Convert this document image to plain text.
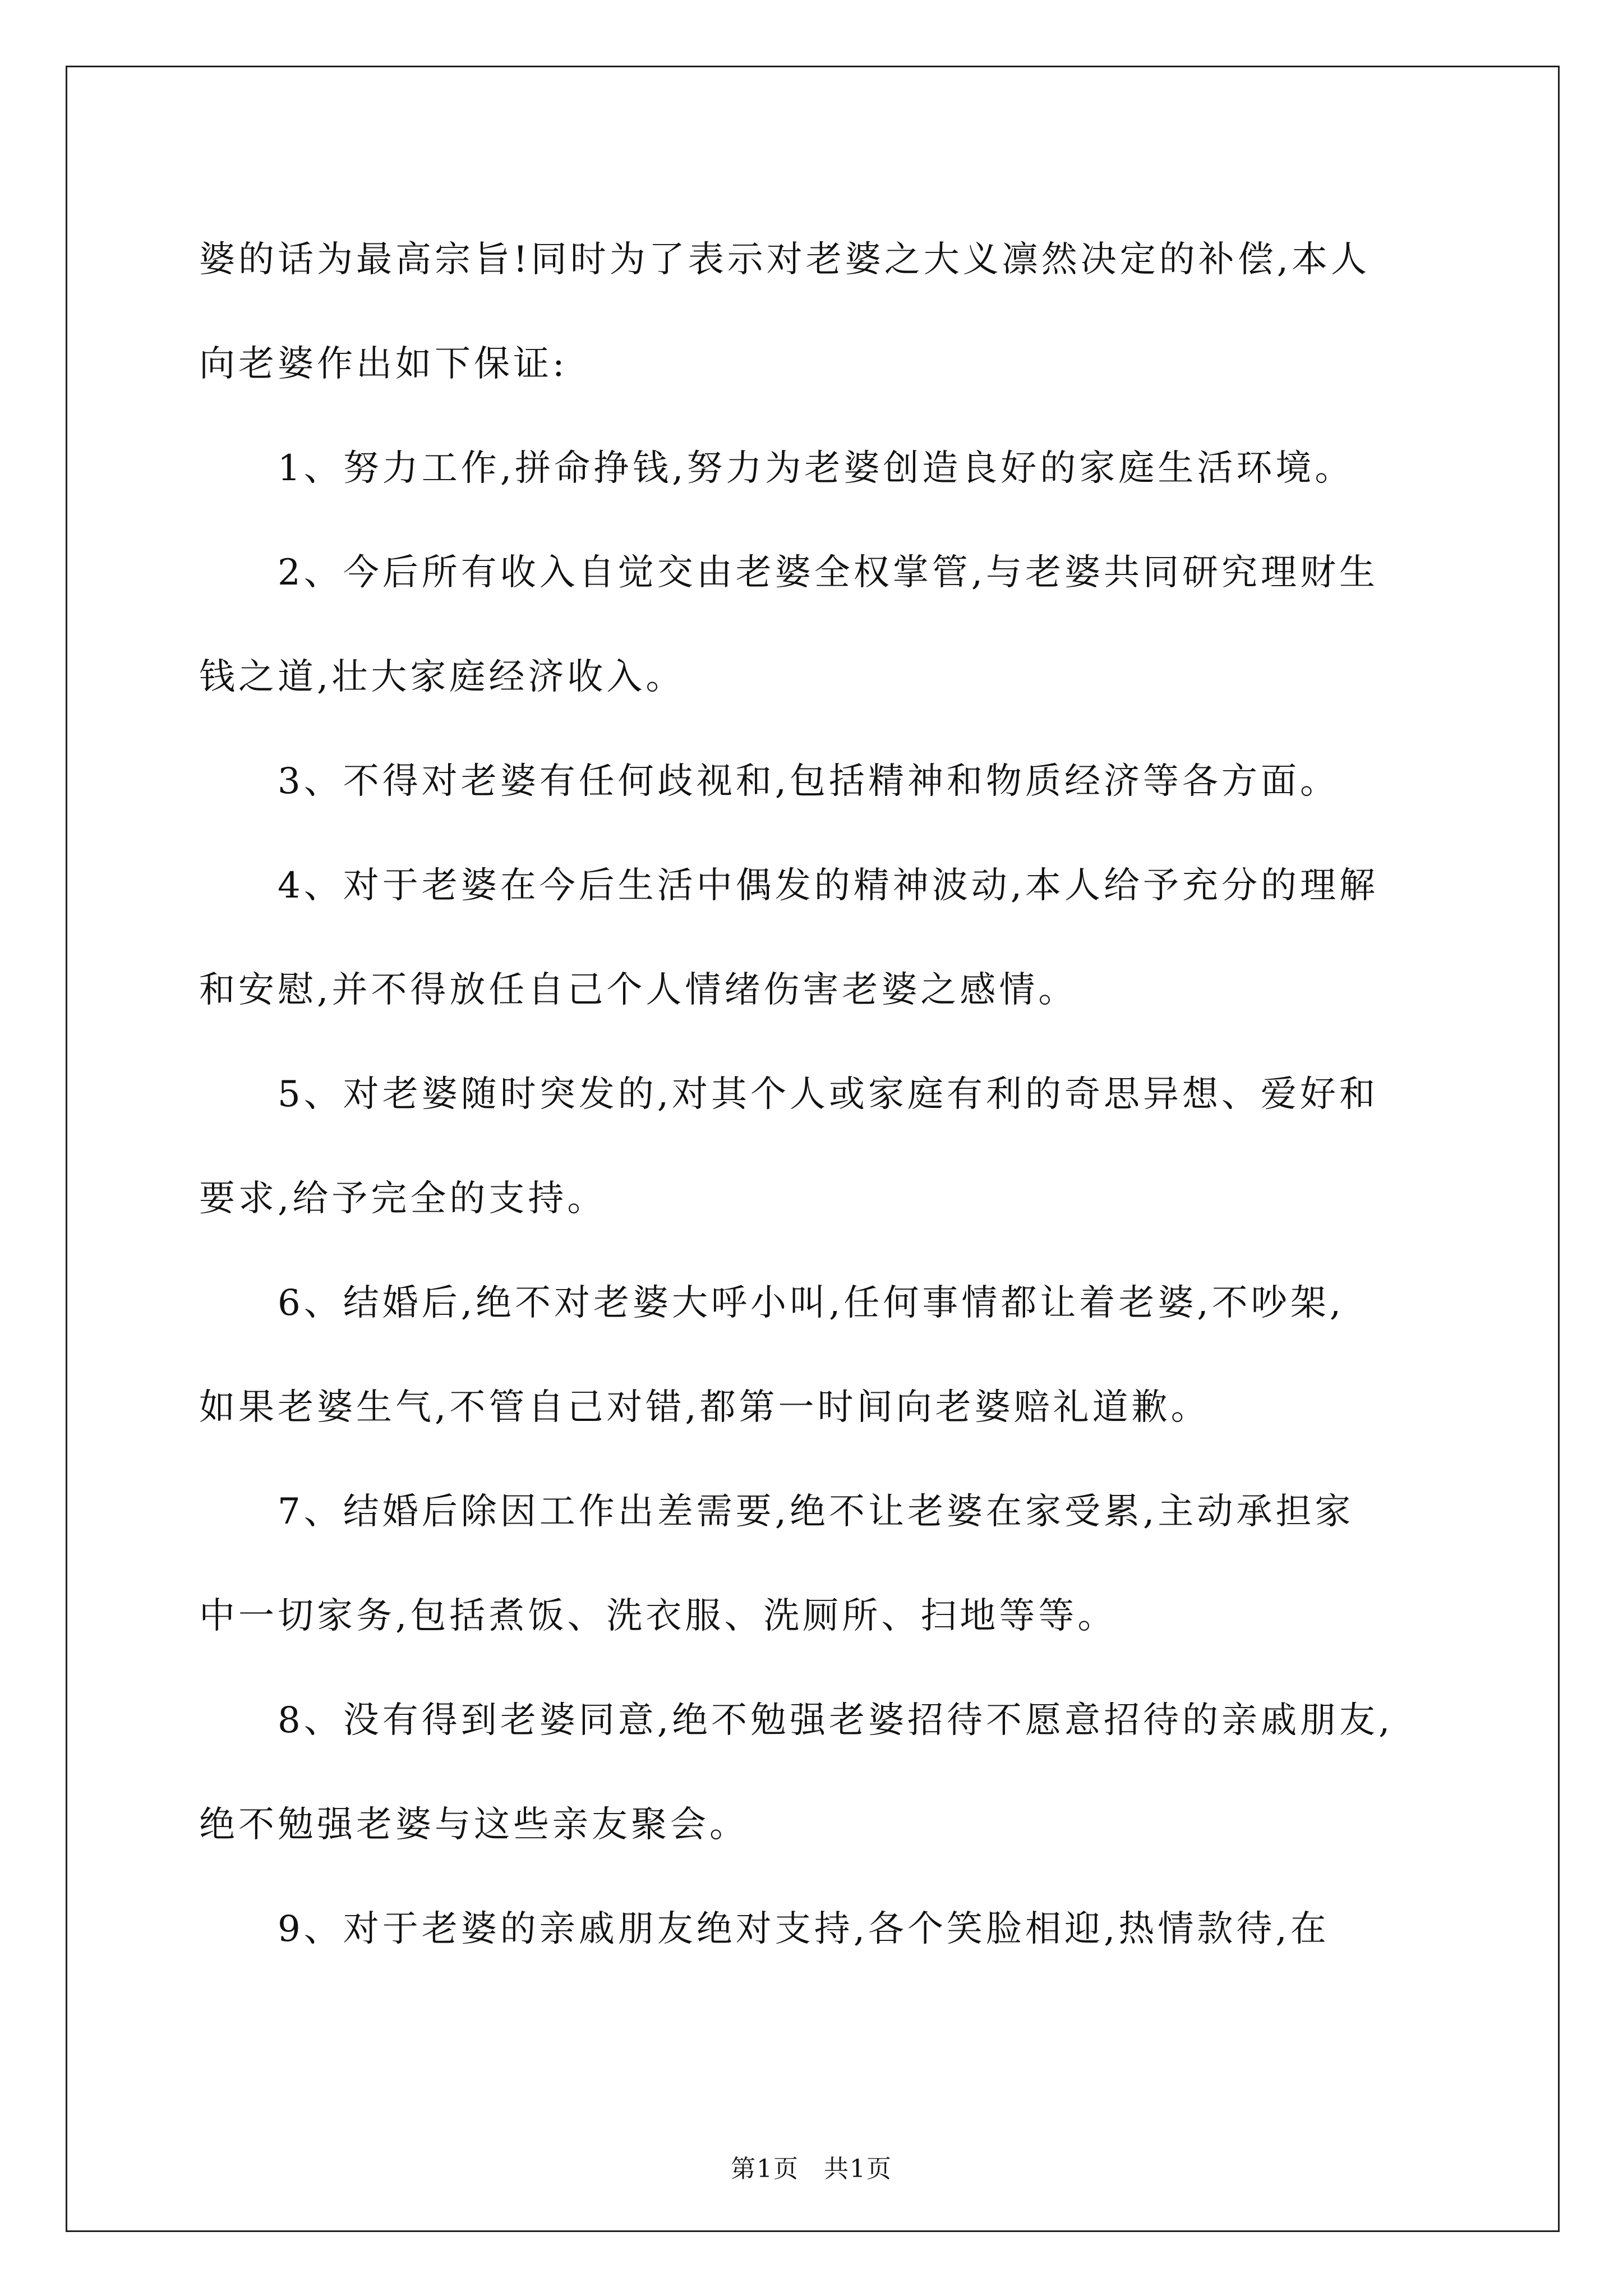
婆的话为最高宗旨!同时为了表示对老婆之大义凛然决定的补偿,本人
向老婆作出如下保证:
1、努力工作,拼命挣钱,努力为老婆创造良好的家庭生活环境。
2、今后所有收入自觉交由老婆全权掌管,与老婆共同研究理财生
钱之道,壮大家庭经济收入。
3、不得对老婆有任何歧视和,包括精神和物质经济等各方面。
4、对于老婆在今后生活中偶发的精神波动,本人给予充分的理解
和安慰,并不得放任自己个人情绪伤害老婆之感情。
5、对老婆随时突发的,对其个人或家庭有利的奇思异想、爱好和
要求,给予完全的支持。
6、结婚后,绝不对老婆大呼小叫,任何事情都让着老婆,不吵架,
如果老婆生气,不管自己对错,都第一时间向老婆赔礼道歉。
7、结婚后除因工作出差需要,绝不让老婆在家受累,主动承担家
中一切家务,包括煮饭、洗衣服、洗厕所、扫地等等。
8、没有得到老婆同意,绝不勉强老婆招待不愿意招待的亲戚朋友,
绝不勉强老婆与这些亲友聚会。
9、对于老婆的亲戚朋友绝对支持,各个笑脸相迎,热情款待,在
第1页 共1页
